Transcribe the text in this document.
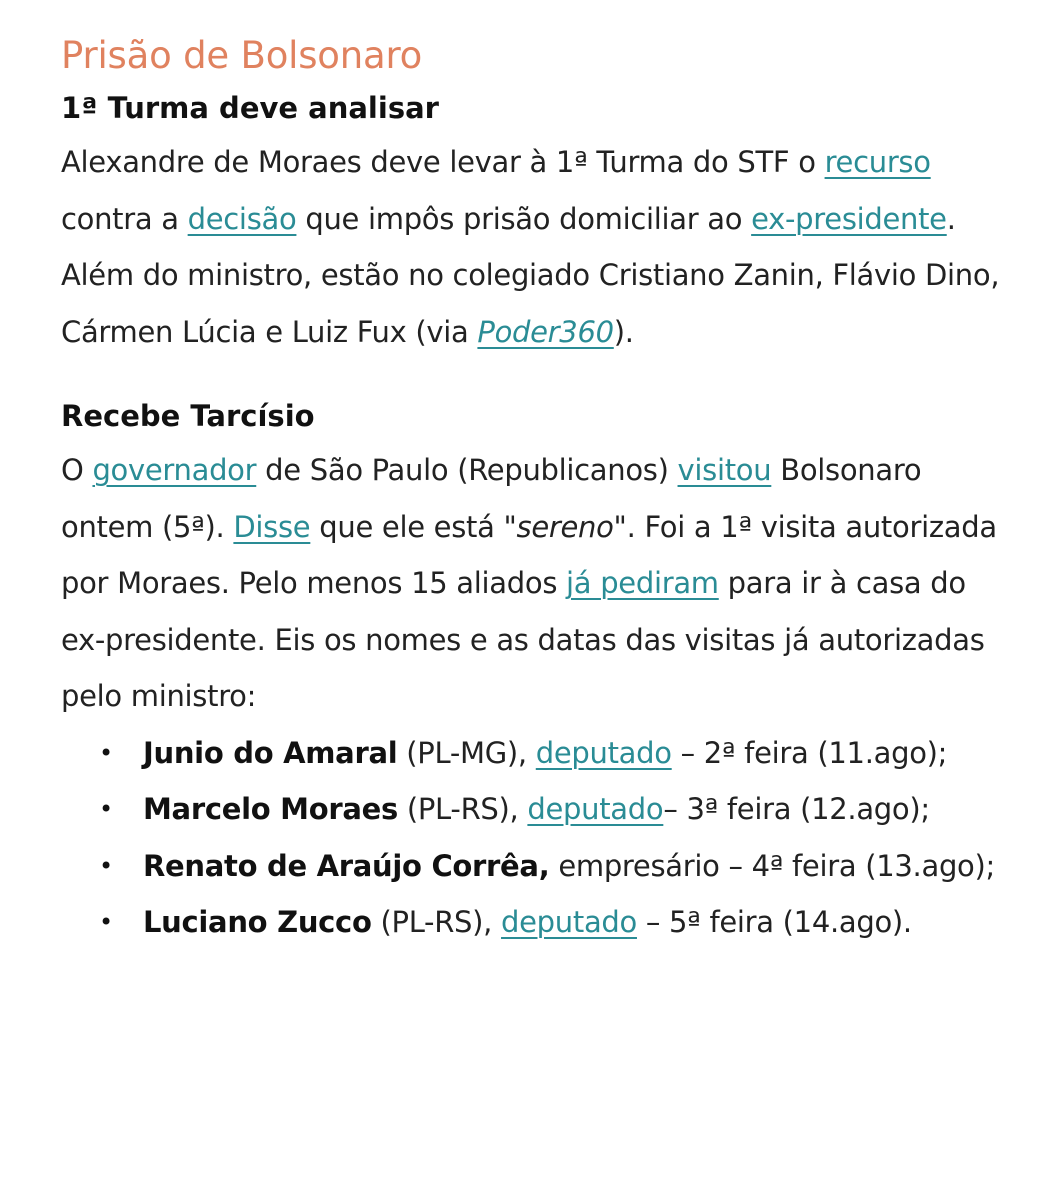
Prisão de Bolsonaro
1ª Turma deve analisar

Alexandre de Moraes deve levar à 1ª Turma do STF o recurso contra a decisão que impôs prisão domiciliar ao ex-presidente. Além do ministro, estão no colegiado Cristiano Zanin, Flávio Dino, Cármen Lúcia e Luiz Fux (via Poder360).

Recebe Tarcísio

O governador de São Paulo (Republicanos) visitou Bolsonaro ontem (5ª). Disse que ele está "sereno". Foi a 1ª visita autorizada por Moraes. Pelo menos 15 aliados já pediram para ir à casa do ex-presidente. Eis os nomes e as datas das visitas já autorizadas pelo ministro:

• Junio do Amaral (PL-MG), deputado – 2ª feira (11.ago);
• Marcelo Moraes (PL-RS), deputado– 3ª feira (12.ago);
• Renato de Araújo Corrêa, empresário – 4ª feira (13.ago);
• Luciano Zucco (PL-RS), deputado – 5ª feira (14.ago).
